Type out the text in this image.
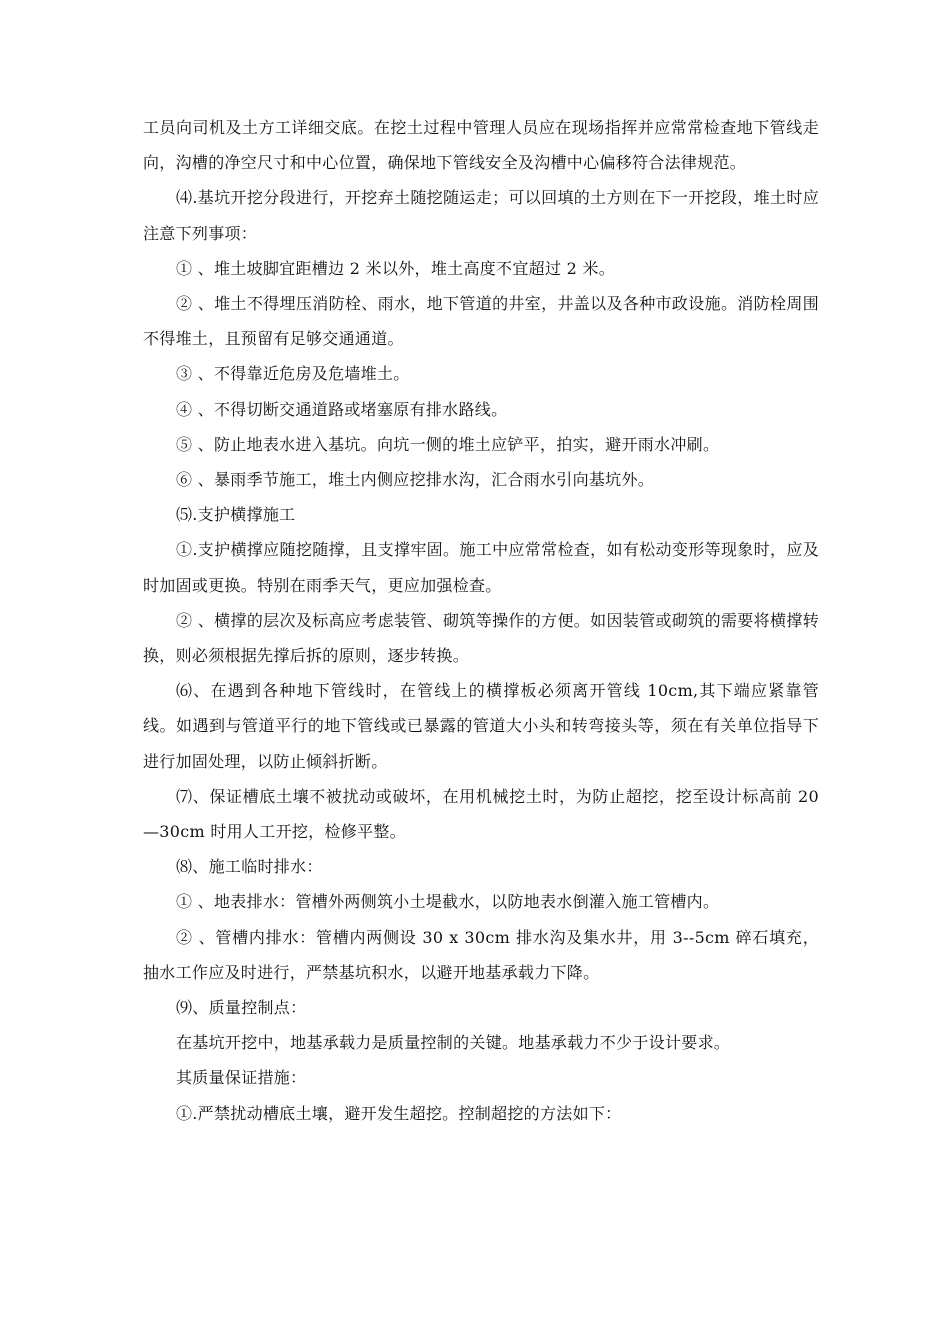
工员向司机及土方工详细交底。在挖土过程中管理人员应在现场指挥并应常常检查地下管线走向，沟槽的净空尺寸和中心位置，确保地下管线安全及沟槽中心偏移符合法律规范。

⑷.基坑开挖分段进行，开挖弃土随挖随运走；可以回填的土方则在下一开挖段，堆土时应注意下列事项：

① 、堆土坡脚宜距槽边 2 米以外，堆土高度不宜超过 2 米。

② 、堆土不得埋压消防栓、雨水，地下管道的井室，井盖以及各种市政设施。消防栓周围不得堆土，且预留有足够交通通道。

③ 、不得靠近危房及危墙堆土。

④ 、不得切断交通道路或堵塞原有排水路线。

⑤ 、防止地表水进入基坑。向坑一侧的堆土应铲平，拍实，避开雨水冲刷。

⑥ 、暴雨季节施工，堆土内侧应挖排水沟，汇合雨水引向基坑外。

⑸.支护横撑施工

①.支护横撑应随挖随撑，且支撑牢固。施工中应常常检查，如有松动变形等现象时，应及时加固或更换。特别在雨季天气，更应加强检查。

② 、横撑的层次及标高应考虑装管、砌筑等操作的方便。如因装管或砌筑的需要将横撑转换，则必须根据先撑后拆的原则，逐步转换。

⑹、在遇到各种地下管线时，在管线上的横撑板必须离开管线 10cm,其下端应紧靠管线。如遇到与管道平行的地下管线或已暴露的管道大小头和转弯接头等，须在有关单位指导下进行加固处理，以防止倾斜折断。

⑺、保证槽底土壤不被扰动或破坏，在用机械挖土时，为防止超挖，挖至设计标高前 20—30cm 时用人工开挖，检修平整。

⑻、施工临时排水：

① 、地表排水：管槽外两侧筑小土堤截水，以防地表水倒灌入施工管槽内。

② 、管槽内排水：管槽内两侧设 30 x 30cm 排水沟及集水井，用 3--5cm 碎石填充，抽水工作应及时进行，严禁基坑积水，以避开地基承载力下降。

⑼、质量控制点：

在基坑开挖中，地基承载力是质量控制的关键。地基承载力不少于设计要求。

其质量保证措施：

①.严禁扰动槽底土壤，避开发生超挖。控制超挖的方法如下：
